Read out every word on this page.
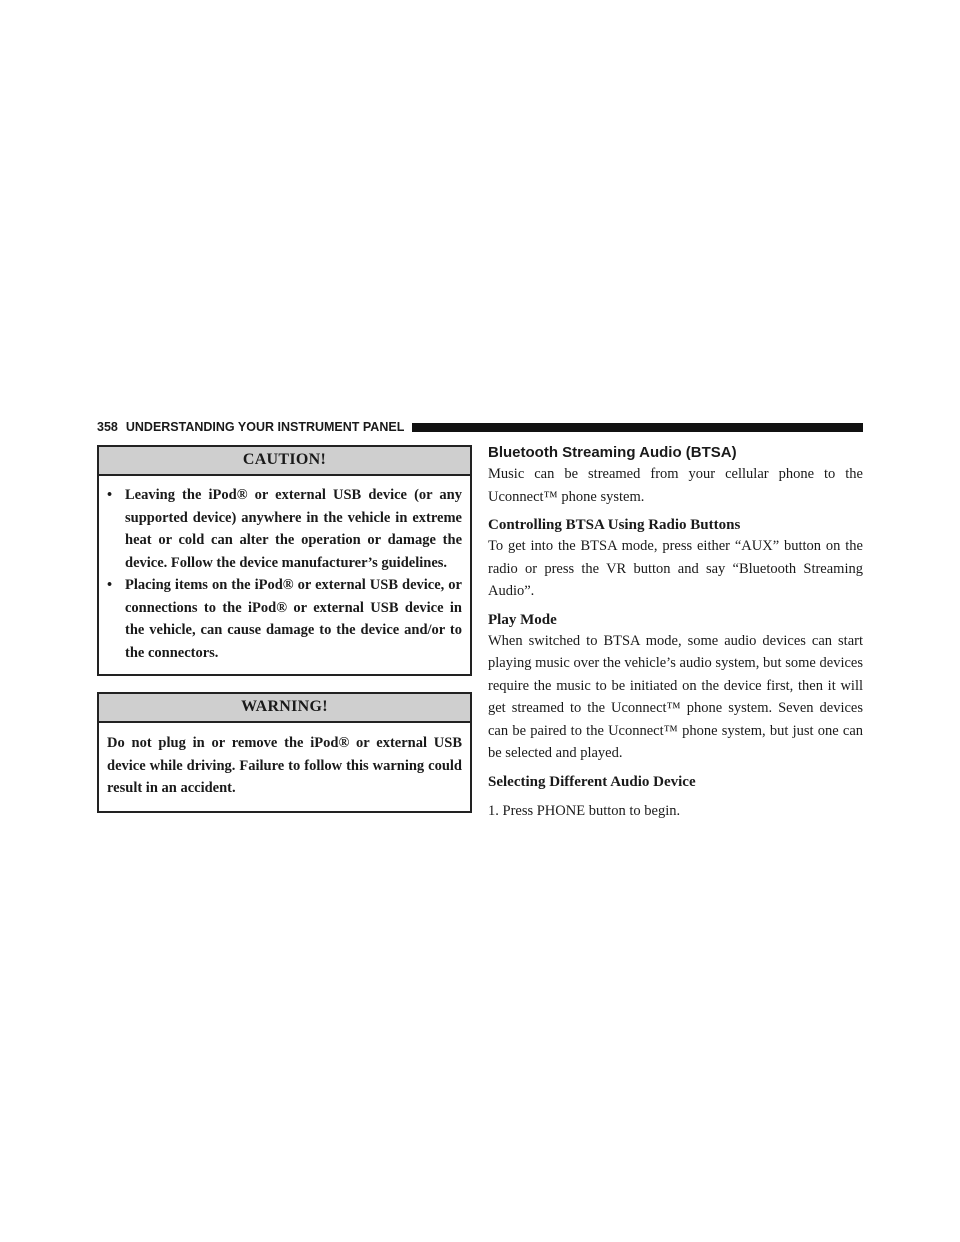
358 UNDERSTANDING YOUR INSTRUMENT PANEL
CAUTION!
• Leaving the iPod® or external USB device (or any supported device) anywhere in the vehicle in extreme heat or cold can alter the operation or damage the device. Follow the device manufacturer’s guidelines.
• Placing items on the iPod® or external USB device, or connections to the iPod® or external USB device in the vehicle, can cause damage to the device and/or to the connectors.
WARNING!
Do not plug in or remove the iPod® or external USB device while driving. Failure to follow this warning could result in an accident.
Bluetooth Streaming Audio (BTSA)

Music can be streamed from your cellular phone to the Uconnect™ phone system.

Controlling BTSA Using Radio Buttons

To get into the BTSA mode, press either “AUX” button on the radio or press the VR button and say “Bluetooth Streaming Audio”.

Play Mode

When switched to BTSA mode, some audio devices can start playing music over the vehicle’s audio system, but some devices require the music to be initiated on the device first, then it will get streamed to the Uconnect™ phone system. Seven devices can be paired to the Uconnect™ phone system, but just one can be selected and played.

Selecting Different Audio Device

1. Press PHONE button to begin.
